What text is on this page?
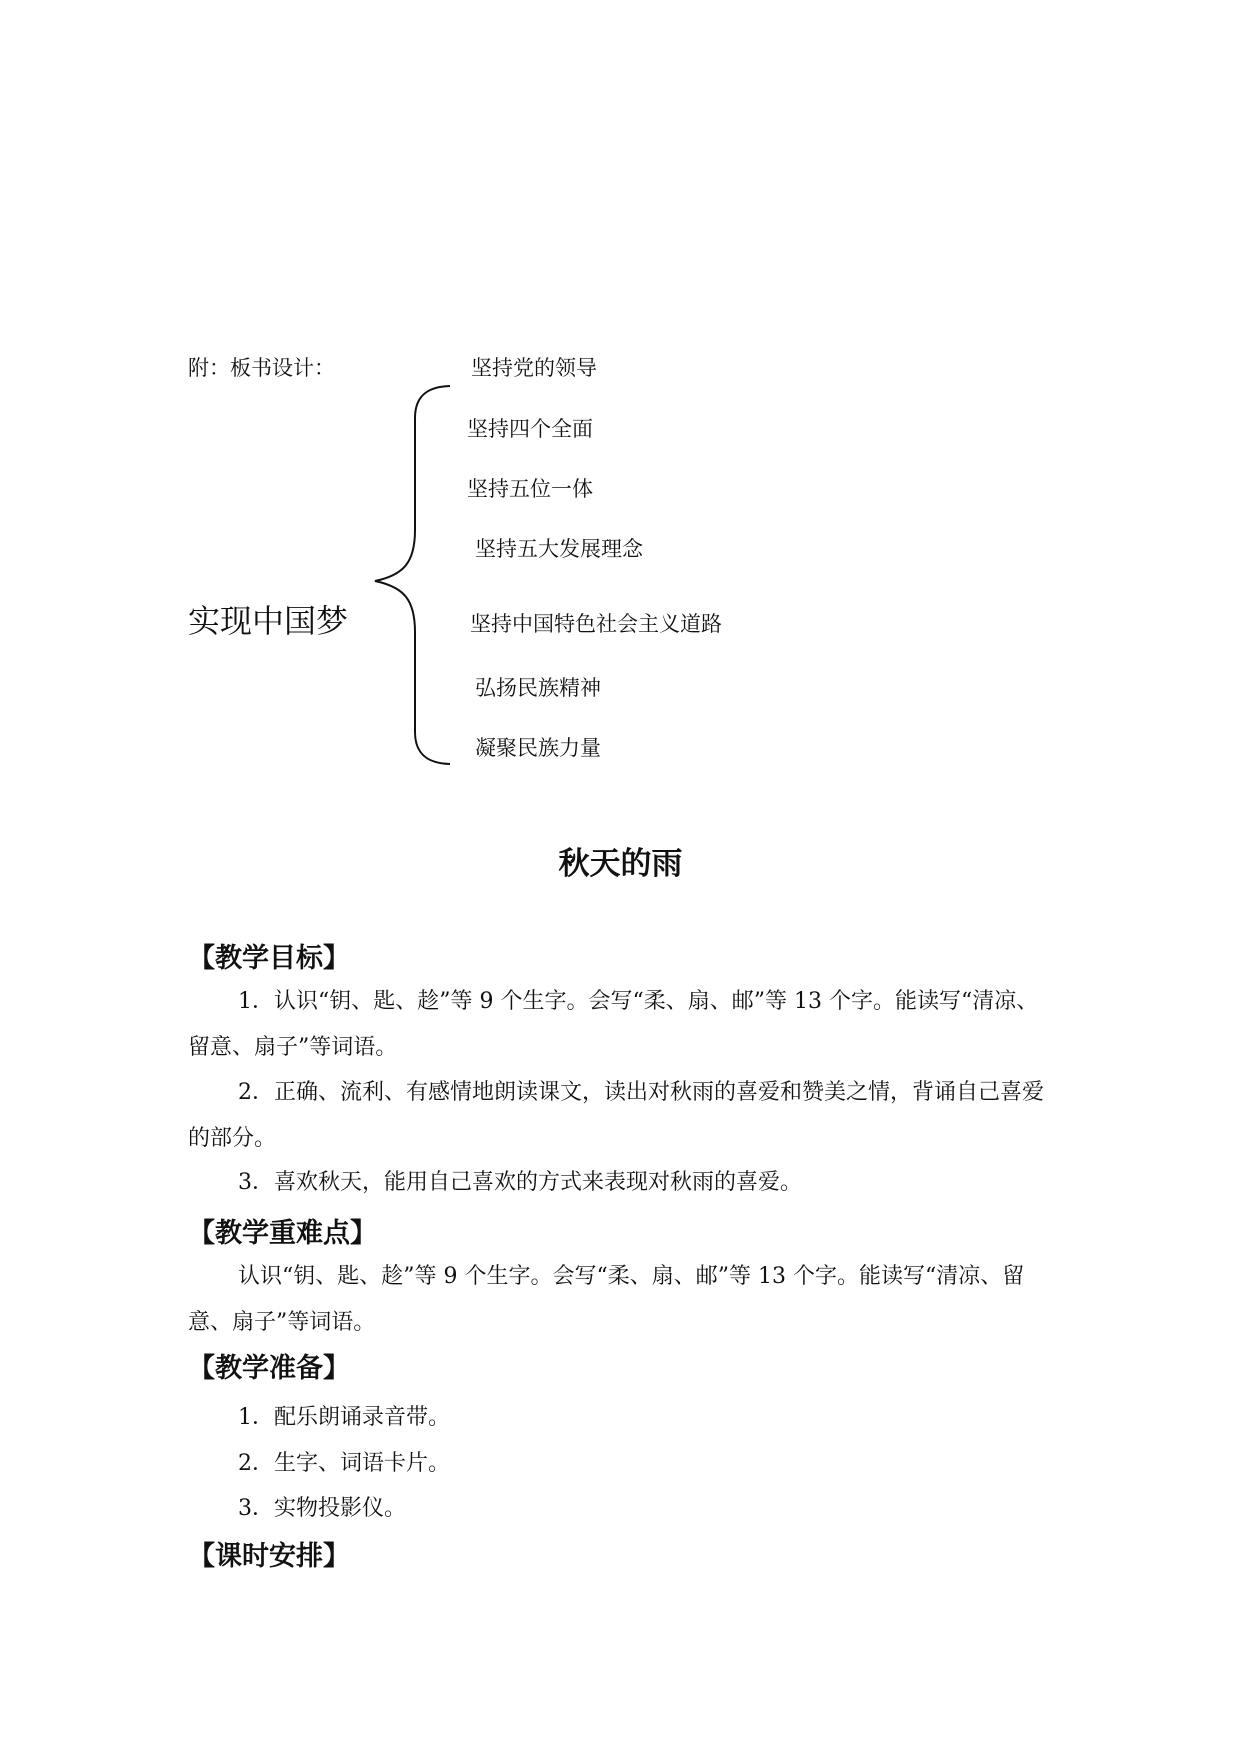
附：板书设计：
实现中国梦
坚持党的领导
坚持四个全面
坚持五位一体
坚持五大发展理念
坚持中国特色社会主义道路
弘扬民族精神
凝聚民族力量
秋天的雨
【教学目标】
1．认识“钥、匙、趁”等 9 个生字。会写“柔、扇、邮”等 13 个字。能读写“清凉、留意、扇子”等词语。
2．正确、流利、有感情地朗读课文，读出对秋雨的喜爱和赞美之情，背诵自己喜爱的部分。
3．喜欢秋天，能用自己喜欢的方式来表现对秋雨的喜爱。
【教学重难点】
认识“钥、匙、趁”等 9 个生字。会写“柔、扇、邮”等 13 个字。能读写“清凉、留意、扇子”等词语。
【教学准备】
1．配乐朗诵录音带。
2．生字、词语卡片。
3．实物投影仪。
【课时安排】
